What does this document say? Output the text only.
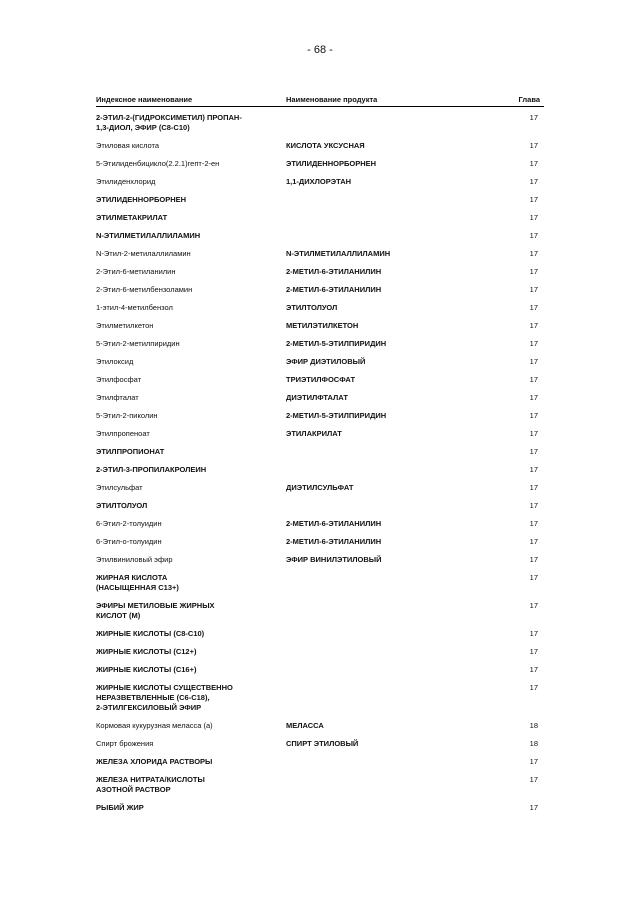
- 68 -
Индексное наименование	Наименование продукта	Глава
2-ЭТИЛ-2-(ГИДРОКСИМЕТИЛ) ПРОПАН-
1,3-ДИОЛ, ЭФИР (С8-С10)
17
Этиловая кислота	КИСЛОТА УКСУСНАЯ	17
5-Этилиденбицикло(2.2.1)гепт-2-ен	ЭТИЛИДЕННОРБОРНЕН	17
Этилиденхлорид	1,1-ДИХЛОРЭТАН	17
ЭТИЛИДЕННОРБОРНЕН	17
ЭТИЛМЕТАКРИЛАТ	17
N-ЭТИЛМЕТИЛАЛЛИЛАМИН	17
N-Этил-2-метилаллиламин	N-ЭТИЛМЕТИЛАЛЛИЛАМИН	17
2-Этил-6-метиланилин	2-МЕТИЛ-6-ЭТИЛАНИЛИН	17
2-Этил-6-метилбензоламин	2-МЕТИЛ-6-ЭТИЛАНИЛИН	17
1-этил-4-метилбензол	ЭТИЛТОЛУОЛ	17
Этилметилкетон	МЕТИЛЭТИЛКЕТОН	17
5-Этил-2-метилпиридин	2-МЕТИЛ-5-ЭТИЛПИРИДИН	17
Этилоксид	ЭФИР ДИЭТИЛОВЫЙ	17
Этилфосфат	ТРИЭТИЛФОСФАТ	17
Этилфталат	ДИЭТИЛФТАЛАТ	17
5-Этил-2-пиколин	2-МЕТИЛ-5-ЭТИЛПИРИДИН	17
Этилпропеноат	ЭТИЛАКРИЛАТ	17
ЭТИЛПРОПИОНАТ	17
2-ЭТИЛ-3-ПРОПИЛАКРОЛЕИН	17
Этилсульфат	ДИЭТИЛСУЛЬФАТ	17
ЭТИЛТОЛУОЛ	17
6-Этил-2-толуидин	2-МЕТИЛ-6-ЭТИЛАНИЛИН	17
6-Этил-о-толуидин	2-МЕТИЛ-6-ЭТИЛАНИЛИН	17
Этилвиниловый эфир	ЭФИР ВИНИЛЭТИЛОВЫЙ	17
ЖИРНАЯ КИСЛОТА
(НАСЫЩЕННАЯ С13+)
17
ЭФИРЫ МЕТИЛОВЫЕ ЖИРНЫХ
КИСЛОТ (М)
17
ЖИРНЫЕ КИСЛОТЫ (С8-С10)	17
ЖИРНЫЕ КИСЛОТЫ (С12+)	17
ЖИРНЫЕ КИСЛОТЫ (С16+)	17
ЖИРНЫЕ КИСЛОТЫ СУЩЕСТВЕННО
НЕРАЗВЕТВЛЕННЫЕ (С6-С18),
2-ЭТИЛГЕКСИЛОВЫЙ ЭФИР
17
Кормовая кукурузная меласса (а)	МЕЛАССА	18
Спирт брожения	СПИРТ ЭТИЛОВЫЙ	18
ЖЕЛЕЗА ХЛОРИДА РАСТВОРЫ	17
ЖЕЛЕЗА НИТРАТА/КИСЛОТЫ
АЗОТНОЙ РАСТВОР
17
РЫБИЙ ЖИР	17
